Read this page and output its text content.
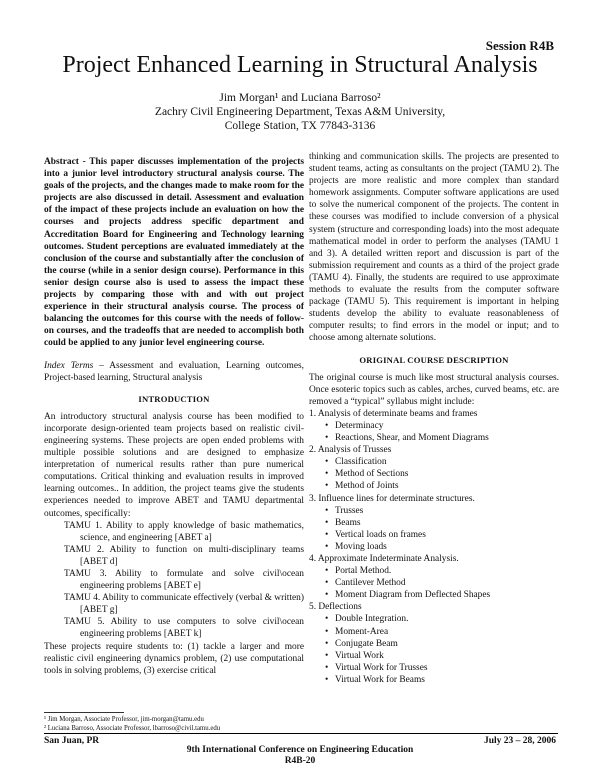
Session R4B
Project Enhanced Learning in Structural Analysis
Jim Morgan¹ and Luciana Barroso²
Zachry Civil Engineering Department, Texas A&M University,
College Station, TX 77843-3136

Abstract - This paper discusses implementation of the projects into a junior level introductory structural analysis course. The goals of the projects, and the changes made to make room for the projects are also discussed in detail. Assessment and evaluation of the impact of these projects include an evaluation on how the courses and projects address specific department and Accreditation Board for Engineering and Technology learning outcomes. Student perceptions are evaluated immediately at the conclusion of the course and substantially after the conclusion of the course (while in a senior design course). Performance in this senior design course also is used to assess the impact these projects by comparing those with and with out project experience in their structural analysis course. The process of balancing the outcomes for this course with the needs of follow-on courses, and the tradeoffs that are needed to accomplish both could be applied to any junior level engineering course.

Index Terms – Assessment and evaluation, Learning outcomes, Project-based learning, Structural analysis

INTRODUCTION

An introductory structural analysis course has been modified to incorporate design-oriented team projects based on realistic civil-engineering systems. These projects are open ended problems with multiple possible solutions and are designed to emphasize interpretation of numerical results rather than pure numerical computations. Critical thinking and evaluation results in improved learning outcomes.. In addition, the project teams give the students experiences needed to improve ABET and TAMU departmental outcomes, specifically:

TAMU 1. Ability to apply knowledge of basic mathematics, science, and engineering [ABET a]

TAMU 2. Ability to function on multi-disciplinary teams [ABET d]

TAMU 3. Ability to formulate and solve civil\ocean engineering problems [ABET e]

TAMU 4. Ability to communicate effectively (verbal & written) [ABET g]

TAMU 5. Ability to use computers to solve civil\ocean engineering problems [ABET k]

These projects require students to: (1) tackle a larger and more realistic civil engineering dynamics problem, (2) use computational tools in solving problems, (3) exercise critical

thinking and communication skills. The projects are presented to student teams, acting as consultants on the project (TAMU 2). The projects are more realistic and more complex than standard homework assignments. Computer software applications are used to solve the numerical component of the projects. The content in these courses was modified to include conversion of a physical system (structure and corresponding loads) into the most adequate mathematical model in order to perform the analyses (TAMU 1 and 3). A detailed written report and discussion is part of the submission requirement and counts as a third of the project grade (TAMU 4). Finally, the students are required to use approximate methods to evaluate the results from the computer software package (TAMU 5). This requirement is important in helping students develop the ability to evaluate reasonableness of computer results; to find errors in the model or input; and to choose among alternate solutions.

ORIGINAL COURSE DESCRIPTION

The original course is much like most structural analysis courses. Once esoteric topics such as cables, arches, curved beams, etc. are removed a “typical” syllabus might include:

1. Analysis of determinate beams and frames
• Determinacy
• Reactions, Shear, and Moment Diagrams
2. Analysis of Trusses
• Classification
• Method of Sections
• Method of Joints
3. Influence lines for determinate structures.
• Trusses
• Beams
• Vertical loads on frames
• Moving loads
4. Approximate Indeterminate Analysis.
• Portal Method.
• Cantilever Method
• Moment Diagram from Deflected Shapes
5. Deflections
• Double Integration.
• Moment-Area
• Conjugate Beam
• Virtual Work
• Virtual Work for Trusses
• Virtual Work for Beams
¹ Jim Morgan, Associate Professor, jim-morgan@tamu.edu
² Luciana Barroso, Associate Professor, lbarroso@civil.tamu.edu
San Juan, PR	July 23 – 28, 2006
9th International Conference on Engineering Education
R4B-20
